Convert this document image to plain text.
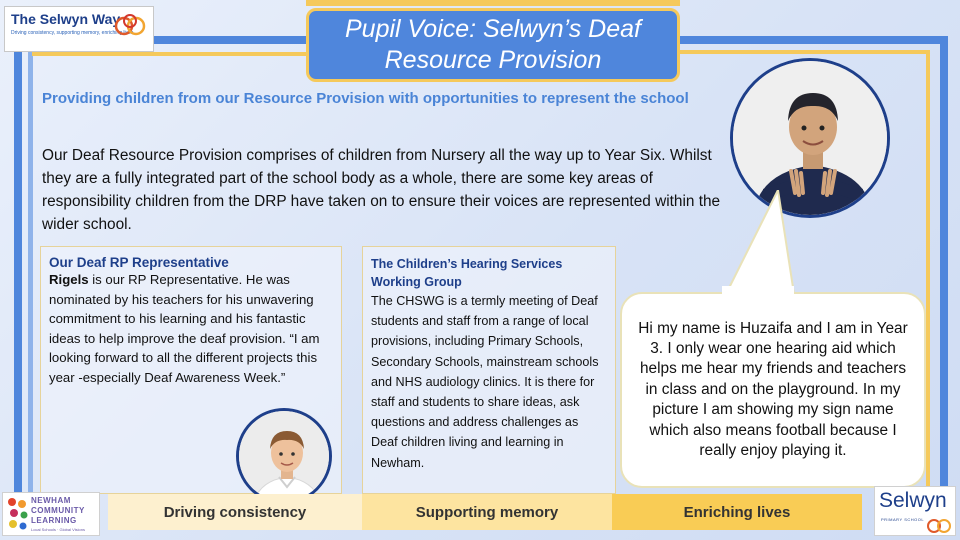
The Selwyn Way
Driving consistency, supporting memory, enriching lives	Pupil Voice: Selwyn’s Deaf Resource Provision
Providing children from our Resource Provision with opportunities to represent the school
Our Deaf Resource Provision comprises of children from Nursery all the way up to Year Six. Whilst they are a fully integrated part of the school body as a whole, there are some key areas of responsibility children from the DRP have taken on to ensure their voices are represented within the wider school.
Our Deaf RP Representative

Rigels is our RP Representative. He was nominated by his teachers for his unwavering commitment to his learning and his fantastic ideas to help improve the deaf provision. “I am looking forward to all the different projects this year -especially Deaf Awareness Week.”

The Children’s Hearing Services Working Group

The CHSWG is a termly meeting of Deaf students and staff from a range of local provisions, including Primary Schools, Secondary Schools, mainstream schools and NHS audiology clinics. It is there for staff and students to share ideas, ask questions and address challenges as Deaf children living and learning in Newham.

Hi my name is Huzaifa and I am in Year 3. I only wear one hearing aid which helps me hear my friends and teachers in class and on the playground. In my picture I am showing my sign name which also means football because I really enjoy playing it.

Driving consistency	Supporting memory	Enriching lives
NEWHAM
COMMUNITY
LEARNING
Local Schools · Global Visions
Selwyn
PRIMARY SCHOOL
